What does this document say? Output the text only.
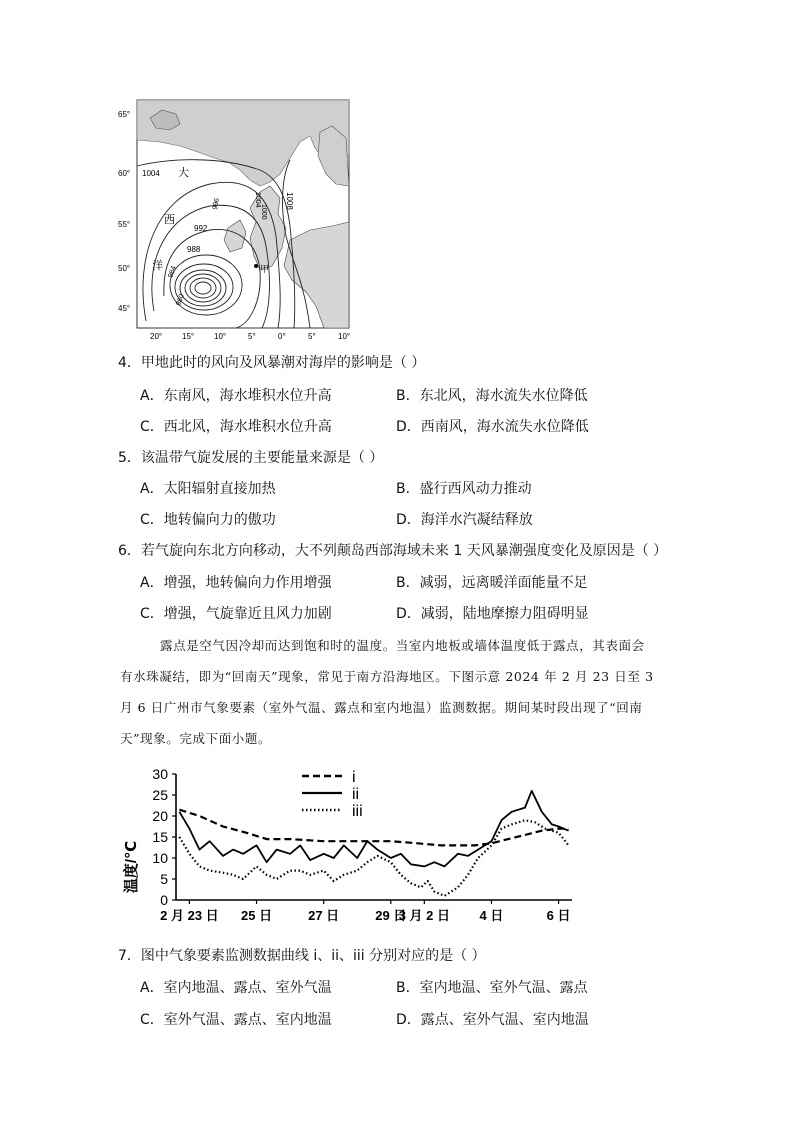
65°
60°
55°
50°
45°
20° 15° 10°	5°	0°	5°	10°
1004
1008
1000
996
992
988
984
980
1004
大
西
洋	甲
4．甲地此时的风向及风暴潮对海岸的影响是（ ）
A．东南风，海水堆积水位升高	B．东北风，海水流失水位降低
C．西北风，海水堆积水位升高	D．西南风，海水流失水位降低
5．该温带气旋发展的主要能量来源是（ ）
A．太阳辐射直接加热	B．盛行西风动力推动
C．地转偏向力的傲功	D．海洋水汽凝结释放
6．若气旋向东北方向移动，大不列颠岛西部海域未来 1 天风暴潮强度变化及原因是（ ）
A．增强，地转偏向力作用增强	B．减弱，远离暖洋面能量不足
C．增强，气旋靠近且风力加剧	D．减弱，陆地摩擦力阻碍明显
露点是空气因冷却而达到饱和时的温度。当室内地板或墙体温度低于露点，其表面会
有水珠凝结，即为“回南天”现象，常见于南方沿海地区。下图示意 2024 年 2 月 23 日至 3
月 6 日广州市气象要素（室外气温、露点和室内地温）监测数据。期间某时段出现了“回南
天”现象。完成下面小题。
0
5
10
15
20
25
30
2 月 23 日 25 日	27 日	29 日
3 月 2 日 4 日	6 日
i
ii
iii
温度/℃
7．图中气象要素监测数据曲线 i、ii、iii 分别对应的是（ ）
A．室内地温、露点、室外气温	B．室内地温、室外气温、露点
C．室外气温、露点、室内地温	D．露点、室外气温、室内地温
